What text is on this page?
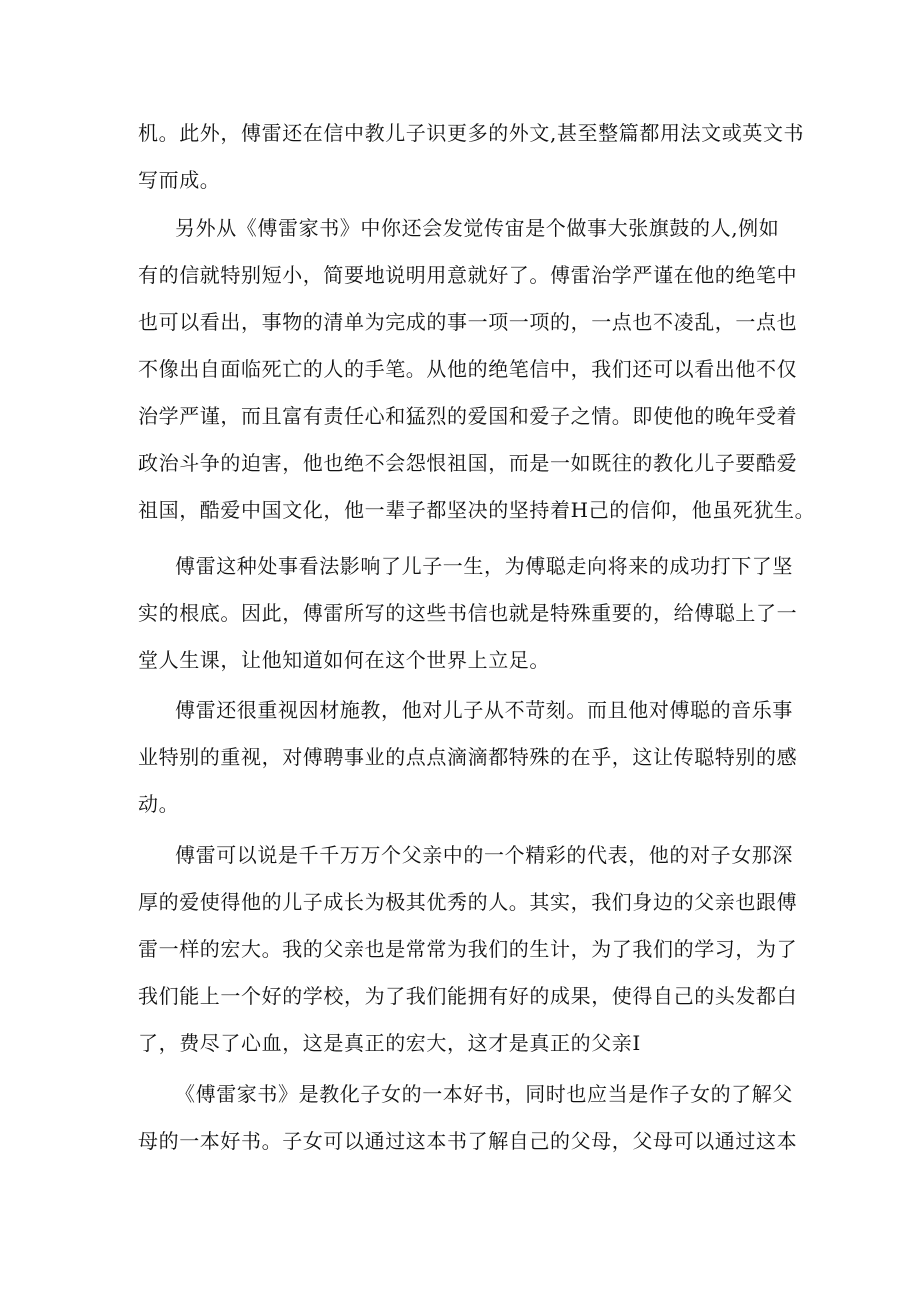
机。此外，傅雷还在信中教儿子识更多的外文,甚至整篇都用法文或英文书
写而成。
另外从《傅雷家书》中你还会发觉传宙是个做事大张旗鼓的人,例如
有的信就特别短小，简要地说明用意就好了。傅雷治学严谨在他的绝笔中
也可以看出，事物的清单为完成的事一项一项的，一点也不凌乱，一点也
不像出自面临死亡的人的手笔。从他的绝笔信中，我们还可以看出他不仅
治学严谨，而且富有责任心和猛烈的爱国和爱子之情。即使他的晚年受着
政治斗争的迫害，他也绝不会怨恨祖国，而是一如既往的教化儿子要酷爱
祖国，酷爱中国文化，他一辈子都坚决的坚持着H己的信仰，他虽死犹生。
傅雷这种处事看法影响了儿子一生，为傅聪走向将来的成功打下了坚
实的根底。因此，傅雷所写的这些书信也就是特殊重要的，给傅聪上了一
堂人生课，让他知道如何在这个世界上立足。
傅雷还很重视因材施教，他对儿子从不苛刻。而且他对傅聪的音乐事
业特别的重视，对傅聘事业的点点滴滴都特殊的在乎，这让传聪特别的感
动。
傅雷可以说是千千万万个父亲中的一个精彩的代表，他的对子女那深
厚的爱使得他的儿子成长为极其优秀的人。其实，我们身边的父亲也跟傅
雷一样的宏大。我的父亲也是常常为我们的生计，为了我们的学习，为了
我们能上一个好的学校，为了我们能拥有好的成果，使得自己的头发都白
了，费尽了心血，这是真正的宏大，这才是真正的父亲I
《傅雷家书》是教化子女的一本好书，同时也应当是作子女的了解父
母的一本好书。子女可以通过这本书了解自己的父母，父母可以通过这本
